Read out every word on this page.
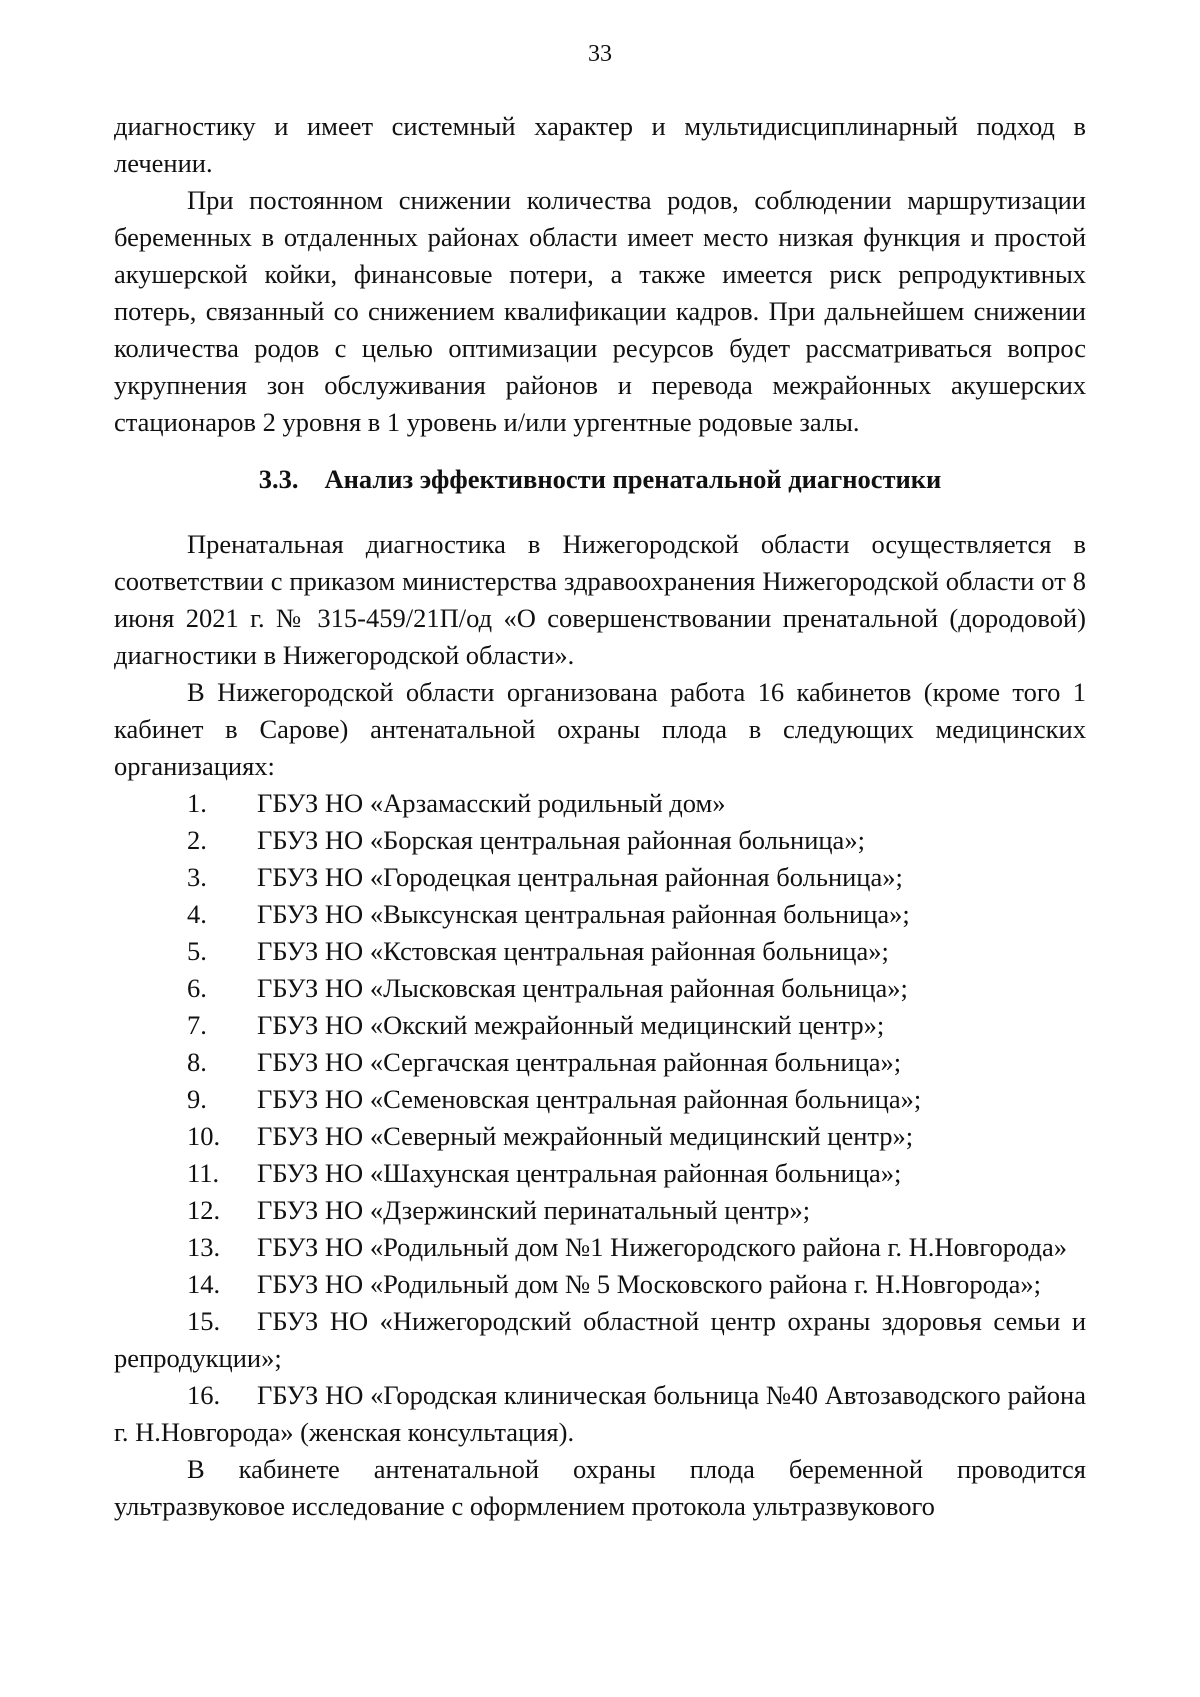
33

диагностику и имеет системный характер и мультидисциплинарный подход в лечении.

При постоянном снижении количества родов, соблюдении маршрутизации беременных в отдаленных районах области имеет место низкая функция и простой акушерской койки, финансовые потери, а также имеется риск репродуктивных потерь, связанный со снижением квалификации кадров. При дальнейшем снижении количества родов с целью оптимизации ресурсов будет рассматриваться вопрос укрупнения зон обслуживания районов и перевода межрайонных акушерских стационаров 2 уровня в 1 уровень и/или ургентные родовые залы.

3.3. Анализ эффективности пренатальной диагностики

Пренатальная диагностика в Нижегородской области осуществляется в соответствии с приказом министерства здравоохранения Нижегородской области от 8 июня 2021 г. № 315-459/21П/од «О совершенствовании пренатальной (дородовой) диагностики в Нижегородской области».

В Нижегородской области организована работа 16 кабинетов (кроме того 1 кабинет в Сарове) антенатальной охраны плода в следующих медицинских организациях:

1. ГБУЗ НО «Арзамасский родильный дом»
2. ГБУЗ НО «Борская центральная районная больница»;
3. ГБУЗ НО «Городецкая центральная районная больница»;
4. ГБУЗ НО «Выксунская центральная районная больница»;
5. ГБУЗ НО «Кстовская центральная районная больница»;
6. ГБУЗ НО «Лысковская центральная районная больница»;
7. ГБУЗ НО «Окский межрайонный медицинский центр»;
8. ГБУЗ НО «Сергачская центральная районная больница»;
9. ГБУЗ НО «Семеновская центральная районная больница»;
10. ГБУЗ НО «Северный межрайонный медицинский центр»;
11. ГБУЗ НО «Шахунская центральная районная больница»;
12. ГБУЗ НО «Дзержинский перинатальный центр»;
13. ГБУЗ НО «Родильный дом №1 Нижегородского района г. Н.Новгорода»
14. ГБУЗ НО «Родильный дом № 5 Московского района г. Н.Новгорода»;
15. ГБУЗ НО «Нижегородский областной центр охраны здоровья семьи и репродукции»;
16. ГБУЗ НО «Городская клиническая больница №40 Автозаводского района г. Н.Новгорода» (женская консультация).

В кабинете антенатальной охраны плода беременной проводится ультразвуковое исследование с оформлением протокола ультразвукового
